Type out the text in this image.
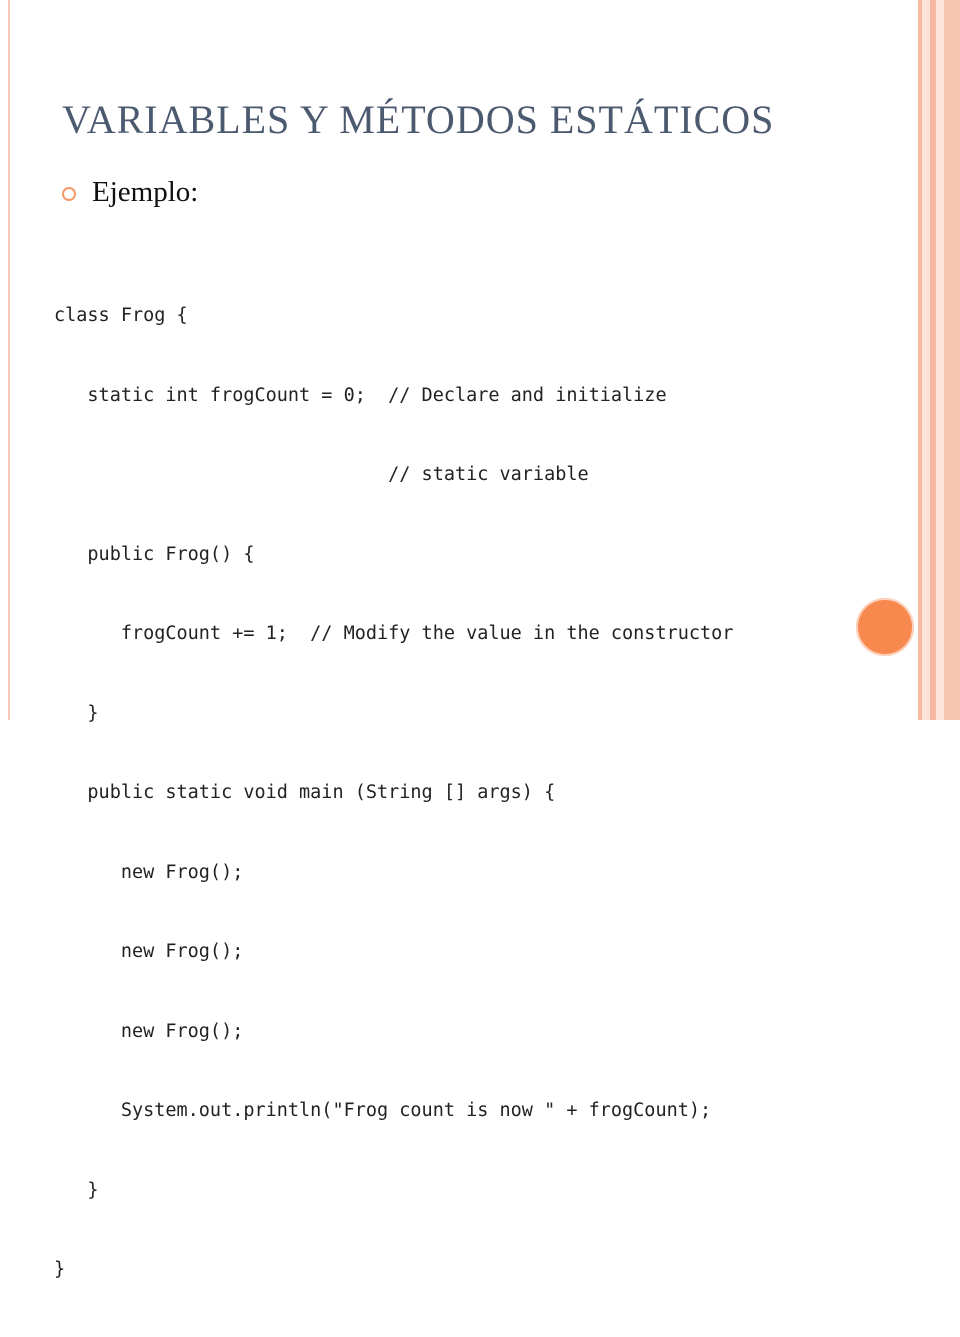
VARIABLES Y MÉTODOS ESTÁTICOS
Ejemplo:

class Frog {

static int frogCount = 0;  // Declare and initialize

// static variable

public Frog() {

frogCount += 1;  // Modify the value in the constructor

}

public static void main (String [] args) {

new Frog();

new Frog();

new Frog();

System.out.println("Frog count is now " + frogCount);

}

}
